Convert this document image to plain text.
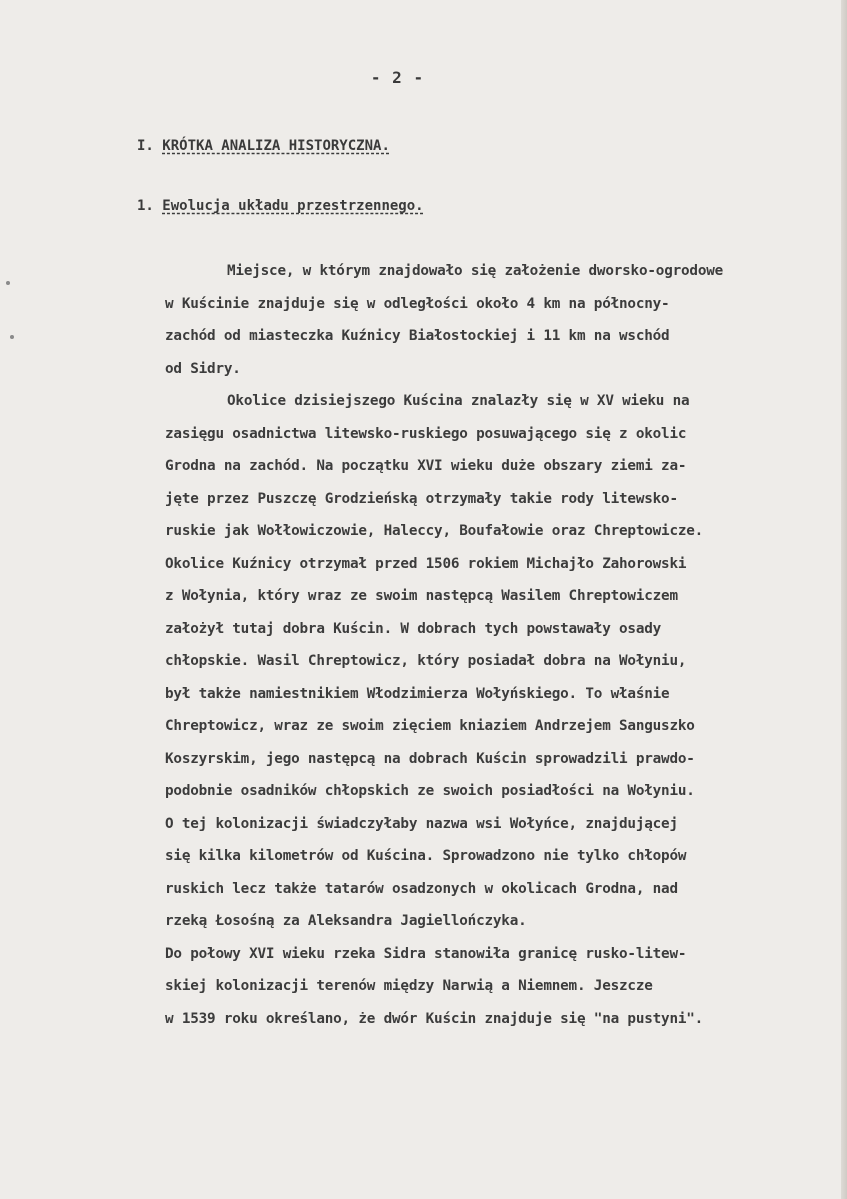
- 2 -
I. KRÓTKA ANALIZA HISTORYCZNA.
1. Ewolucja układu przestrzennego.
Miejsce, w którym znajdowało się założenie dworsko-ogrodowe
w Kuścinie znajduje się w odległości około 4 km na północny-
zachód od miasteczka Kuźnicy Białostockiej i 11 km na wschód
od Sidry.
Okolice dzisiejszego Kuścina znalazły się w XV wieku na
zasięgu osadnictwa litewsko-ruskiego posuwającego się z okolic
Grodna na zachód. Na początku XVI wieku duże obszary ziemi za-
jęte przez Puszczę Grodzieńską otrzymały takie rody litewsko-
ruskie jak Wołłowiczowie, Haleccy, Boufałowie oraz Chreptowicze.
Okolice Kuźnicy otrzymał przed 1506 rokiem Michajło Zahorowski
z Wołynia, który wraz ze swoim następcą Wasilem Chreptowiczem
założył tutaj dobra Kuścin. W dobrach tych powstawały osady
chłopskie. Wasil Chreptowicz, który posiadał dobra na Wołyniu,
był także namiestnikiem Włodzimierza Wołyńskiego. To właśnie
Chreptowicz, wraz ze swoim zięciem kniaziem Andrzejem Sanguszko
Koszyrskim, jego następcą na dobrach Kuścin sprowadzili prawdo-
podobnie osadników chłopskich ze swoich posiadłości na Wołyniu.
O tej kolonizacji świadczyłaby nazwa wsi Wołyńce, znajdującej
się kilka kilometrów od Kuścina. Sprowadzono nie tylko chłopów
ruskich lecz także tatarów osadzonych w okolicach Grodna, nad
rzeką Łosośną za Aleksandra Jagiellończyka.
Do połowy XVI wieku rzeka Sidra stanowiła granicę rusko-litew-
skiej kolonizacji terenów między Narwią a Niemnem. Jeszcze
w 1539 roku określano, że dwór Kuścin znajduje się "na pustyni".
